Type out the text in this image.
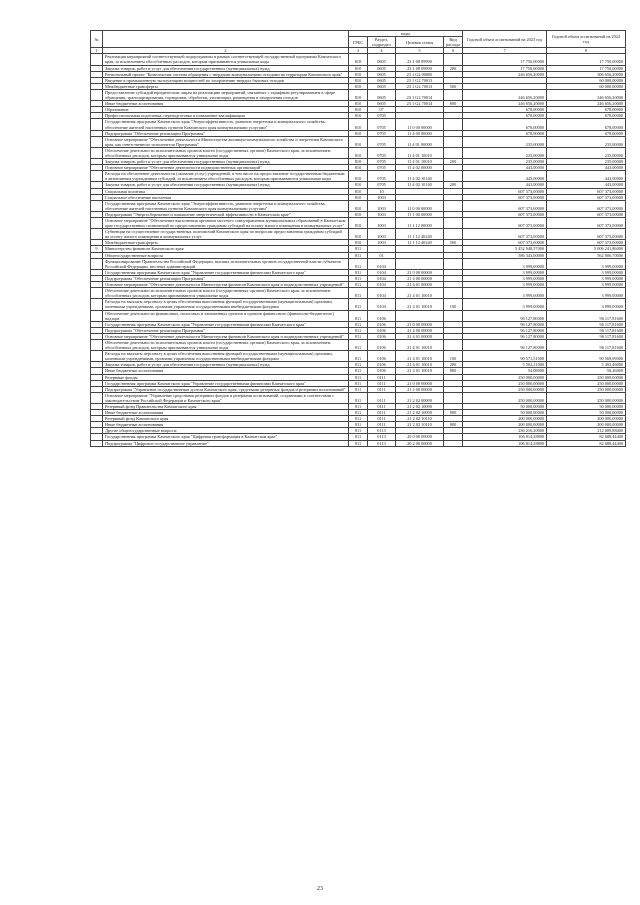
№		коды				Годовой объем ассигнований на 2023 год	Годовой объем ассигнований на 2024 год
		ГРБС	Раздел, подраздел	Целевая статья	Вид расхода		
1	2	3	4	5	6	7	8
	Реализация мероприятий соответствующей подпрограммы в рамках соответствующей государственной программы Камчатского края, за исключением обособленных расходов, которым присваиваются уникальные коды	810	0605	23 1 08 09990		17 750,00000	17 750,00000
	Закупка товаров, работ и услуг для обеспечения государственных (муниципальных) нужд	810	0605	23 1 08 09990	200	17 750,00000	17 750,00000
	Региональный проект "Комплексная система обращения с твердыми коммунальными отходами на территории Камчатского края"	810	0605	23 1 G2 00000		246 656,20000	306 656,20000
	Введение в промышленную эксплуатацию мощностей по захоронению твердых бытовых отходов	810	0605	23 1 G2 70013			60 000,00000
	Межбюджетные трансферты	810	0605	23 1 G2 70013	500		60 000,00000
	Предоставление субсидий юридическим лицам на реализацию мероприятий, связанных с тарифным регулированием в сфере обращения, транспортирования, сортировки, обработки, утилизации, размещения и захоронения отходов	810	0605	23 1 G2 70014		246 656,20000	246 656,20000
	Иные бюджетные ассигнования	810	0605	23 1 G2 70014	800	246 656,20000	246 656,20000
	Образование	810	07			678,00000	678,00000
	Профессиональная подготовка, переподготовка и повышение квалификации	810	0705			678,00000	678,00000
	Государственная программа Камчатского края "Энергоэффективность, развитие энергетики и коммунального хозяйства, обеспечение жителей населенных пунктов Камчатского края коммунальными услугами"	810	0705	11 0 00 00000		678,00000	678,00000
	Подпрограмма "Обеспечение реализации Программы"	810	0705	11 4 00 00000		678,00000	678,00000
	Основное мероприятие "Обеспечение деятельности Министерства жилищно-коммунального хозяйства и энергетики Камчатского края, как ответственного исполнителя Программы"	810	0705	11 4 01 00000		235,00000	235,00000
	Обеспечение деятельности исполнительных органов власти (государственных органов) Камчатского края, за исключением обособленных расходов, которым присваиваются уникальные коды	810	0705	11 4 01 10010		235,00000	235,00000
	Закупка товаров, работ и услуг для обеспечения государственных (муниципальных) нужд	810	0705	11 4 01 10010	200	235,00000	235,00000
	Основное мероприятие "Обеспечение деятельности подведомственных организаций"	810	0705	11 4 02 00000		443,00000	443,00000
	Расходы на обеспечение деятельности (оказание услуг) учреждений, в том числе на предоставление государственным бюджетным и автономным учреждениям субсидий, за исключением обособленных расходов, которым присваиваются уникальные коды	810	0705	11 4 02 10140		443,00000	443,00000
	Закупка товаров, работ и услуг для обеспечения государственных (муниципальных) нужд	810	0705	11 4 02 10140	200	443,00000	443,00000
	Социальная политика	810	10			607 373,00000	607 373,00000
	Социальное обеспечение населения	810	1003			607 373,00000	607 373,00000
	Государственная программа Камчатского края "Энергоэффективность, развитие энергетики и коммунального хозяйства, обеспечение жителей населенных пунктов Камчатского края коммунальными услугами"	810	1003	11 0 00 00000		607 373,00000	607 373,00000
	Подпрограмма "Энергосбережение и повышение энергетической эффективности в Камчатском крае"	810	1003	11 1 00 00000		607 373,00000	607 373,00000
	Основное мероприятие "Обеспечение выполнения органами местного самоуправления муниципальных образований в Камчатском крае государственных полномочий по предоставлению гражданам субсидий на оплату жилого помещения и коммунальных услуг"	810	1003	11 1 12 00000		607 373,00000	607 373,00000
	Субвенции на осуществление государственных полномочий Камчатского края по вопросам предоставления гражданам субсидий на оплату жилого помещения и коммунальных услуг	810	1003	11 1 12 40240		607 373,00000	607 373,00000
	Межбюджетные трансферты	810	1003	11 1 12 40240	500	607 373,00000	607 373,00000
9	Министерство финансов Камчатского края	811				5 452 948,57000	5 006 241,86000
	Общегосударственные вопросы	811	01			586 343,00000	562 806,70000
	Функционирование Правительства Российской Федерации, высших исполнительных органов государственной власти субъектов Российской Федерации, местных администраций	811	0104			3 999,00000	3 999,00000
	Государственная программа Камчатского края "Управление государственными финансами Камчатского края"	811	0104	21 0 00 00000		3 999,00000	3 999,00000
	Подпрограмма "Обеспечение реализации Программы"	811	0104	21 4 00 00000		3 999,00000	3 999,00000
	Основное мероприятие "Обеспечение деятельности Министерства финансов Камчатского края и подведомственных учреждений"	811	0104	21 4 01 00000		3 999,00000	3 999,00000
	Обеспечение деятельности исполнительных органов власти (государственных органов) Камчатского края, за исключением обособленных расходов, которым присваиваются уникальные коды	811	0104	21 4 01 10010		3 999,00000	3 999,00000
	Расходы на выплаты персоналу в целях обеспечения выполнения функций государственными (муниципальными) органами, казенными учреждениями, органами управления государственными внебюджетными фондами	811	0104	21 4 01 10010	100	3 999,00000	3 999,00000
	Обеспечение деятельности финансовых, налоговых и таможенных органов и органов финансового (финансово-бюджетного) надзора	811	0106			96 127,80000	96 117,81600
	Государственная программа Камчатского края "Управление государственными финансами Камчатского края"	811	0106	21 0 00 00000		96 127,80000	96 117,81600
	Подпрограмма "Обеспечение реализации Программы"	811	0106	21 4 00 00000		96 127,80000	96 117,81600
	Основное мероприятие "Обеспечение деятельности Министерства финансов Камчатского края и подведомственных учреждений"	811	0106	21 4 01 00000		96 127,80000	96 117,81600
	Обеспечение деятельности исполнительных органов власти (государственных органов) Камчатского края, за исключением обособленных расходов, которым присваиваются уникальные коды	811	0106	21 4 01 10010		96 127,80000	96 117,81600
	Расходы на выплаты персоналу в целях обеспечения выполнения функций государственными (муниципальными) органами, казенными учреждениями, органами управления государственными внебюджетными фондами	811	0106	21 4 01 10010	100	90 571,51000	90 569,09000
	Закупка товаров, работ и услуг для обеспечения государственных (муниципальных) нужд	811	0106	21 4 01 10010	200	5 502,21000	5 492,46000
	Иные бюджетные ассигнования	811	0106	21 4 01 10010	800	54,08000	56,26000
	Резервные фонды	811	0111			250 000,00000	250 000,00000
	Государственная программа Камчатского края "Управление государственными финансами Камчатского края"	811	0111	21 0 00 00000		250 000,00000	250 000,00000
	Подпрограмма "Управление государственным долгом Камчатского края, средствами резервных фондов и резервами ассигнований"	811	0111	21 2 00 00000		250 000,00000	250 000,00000
	Основное мероприятие "Управление средствами резервных фондов и резервами ассигнований, созданными в соответствии с законодательством Российской Федерации и Камчатского края"	811	0111	21 2 02 00000		250 000,00000	250 000,00000
	Резервный фонд Правительства Камчатского края	811	0111	21 2 02 10090		50 000,00000	50 000,00000
	Иные бюджетные ассигнования	811	0111	21 2 02 10090	800	50 000,00000	50 000,00000
	Резервный фонд Камчатского края	811	0111	21 2 02 10110		200 000,00000	200 000,00000
	Иные бюджетные ассигнования	811	0111	21 2 02 10110	800	200 000,00000	200 000,00000
	Другие общегосударственные вопросы	811	0113			236 216,20000	212 689,88400
	Государственная программа Камчатского края "Цифровая трансформация в Камчатском крае"	811	0113	20 0 00 00000		106 814,28800	82 688,44400
	Подпрограмма "Цифровое государственное управление"	811	0113	20 2 00 00000		106 814,28800	82 688,44400
23
